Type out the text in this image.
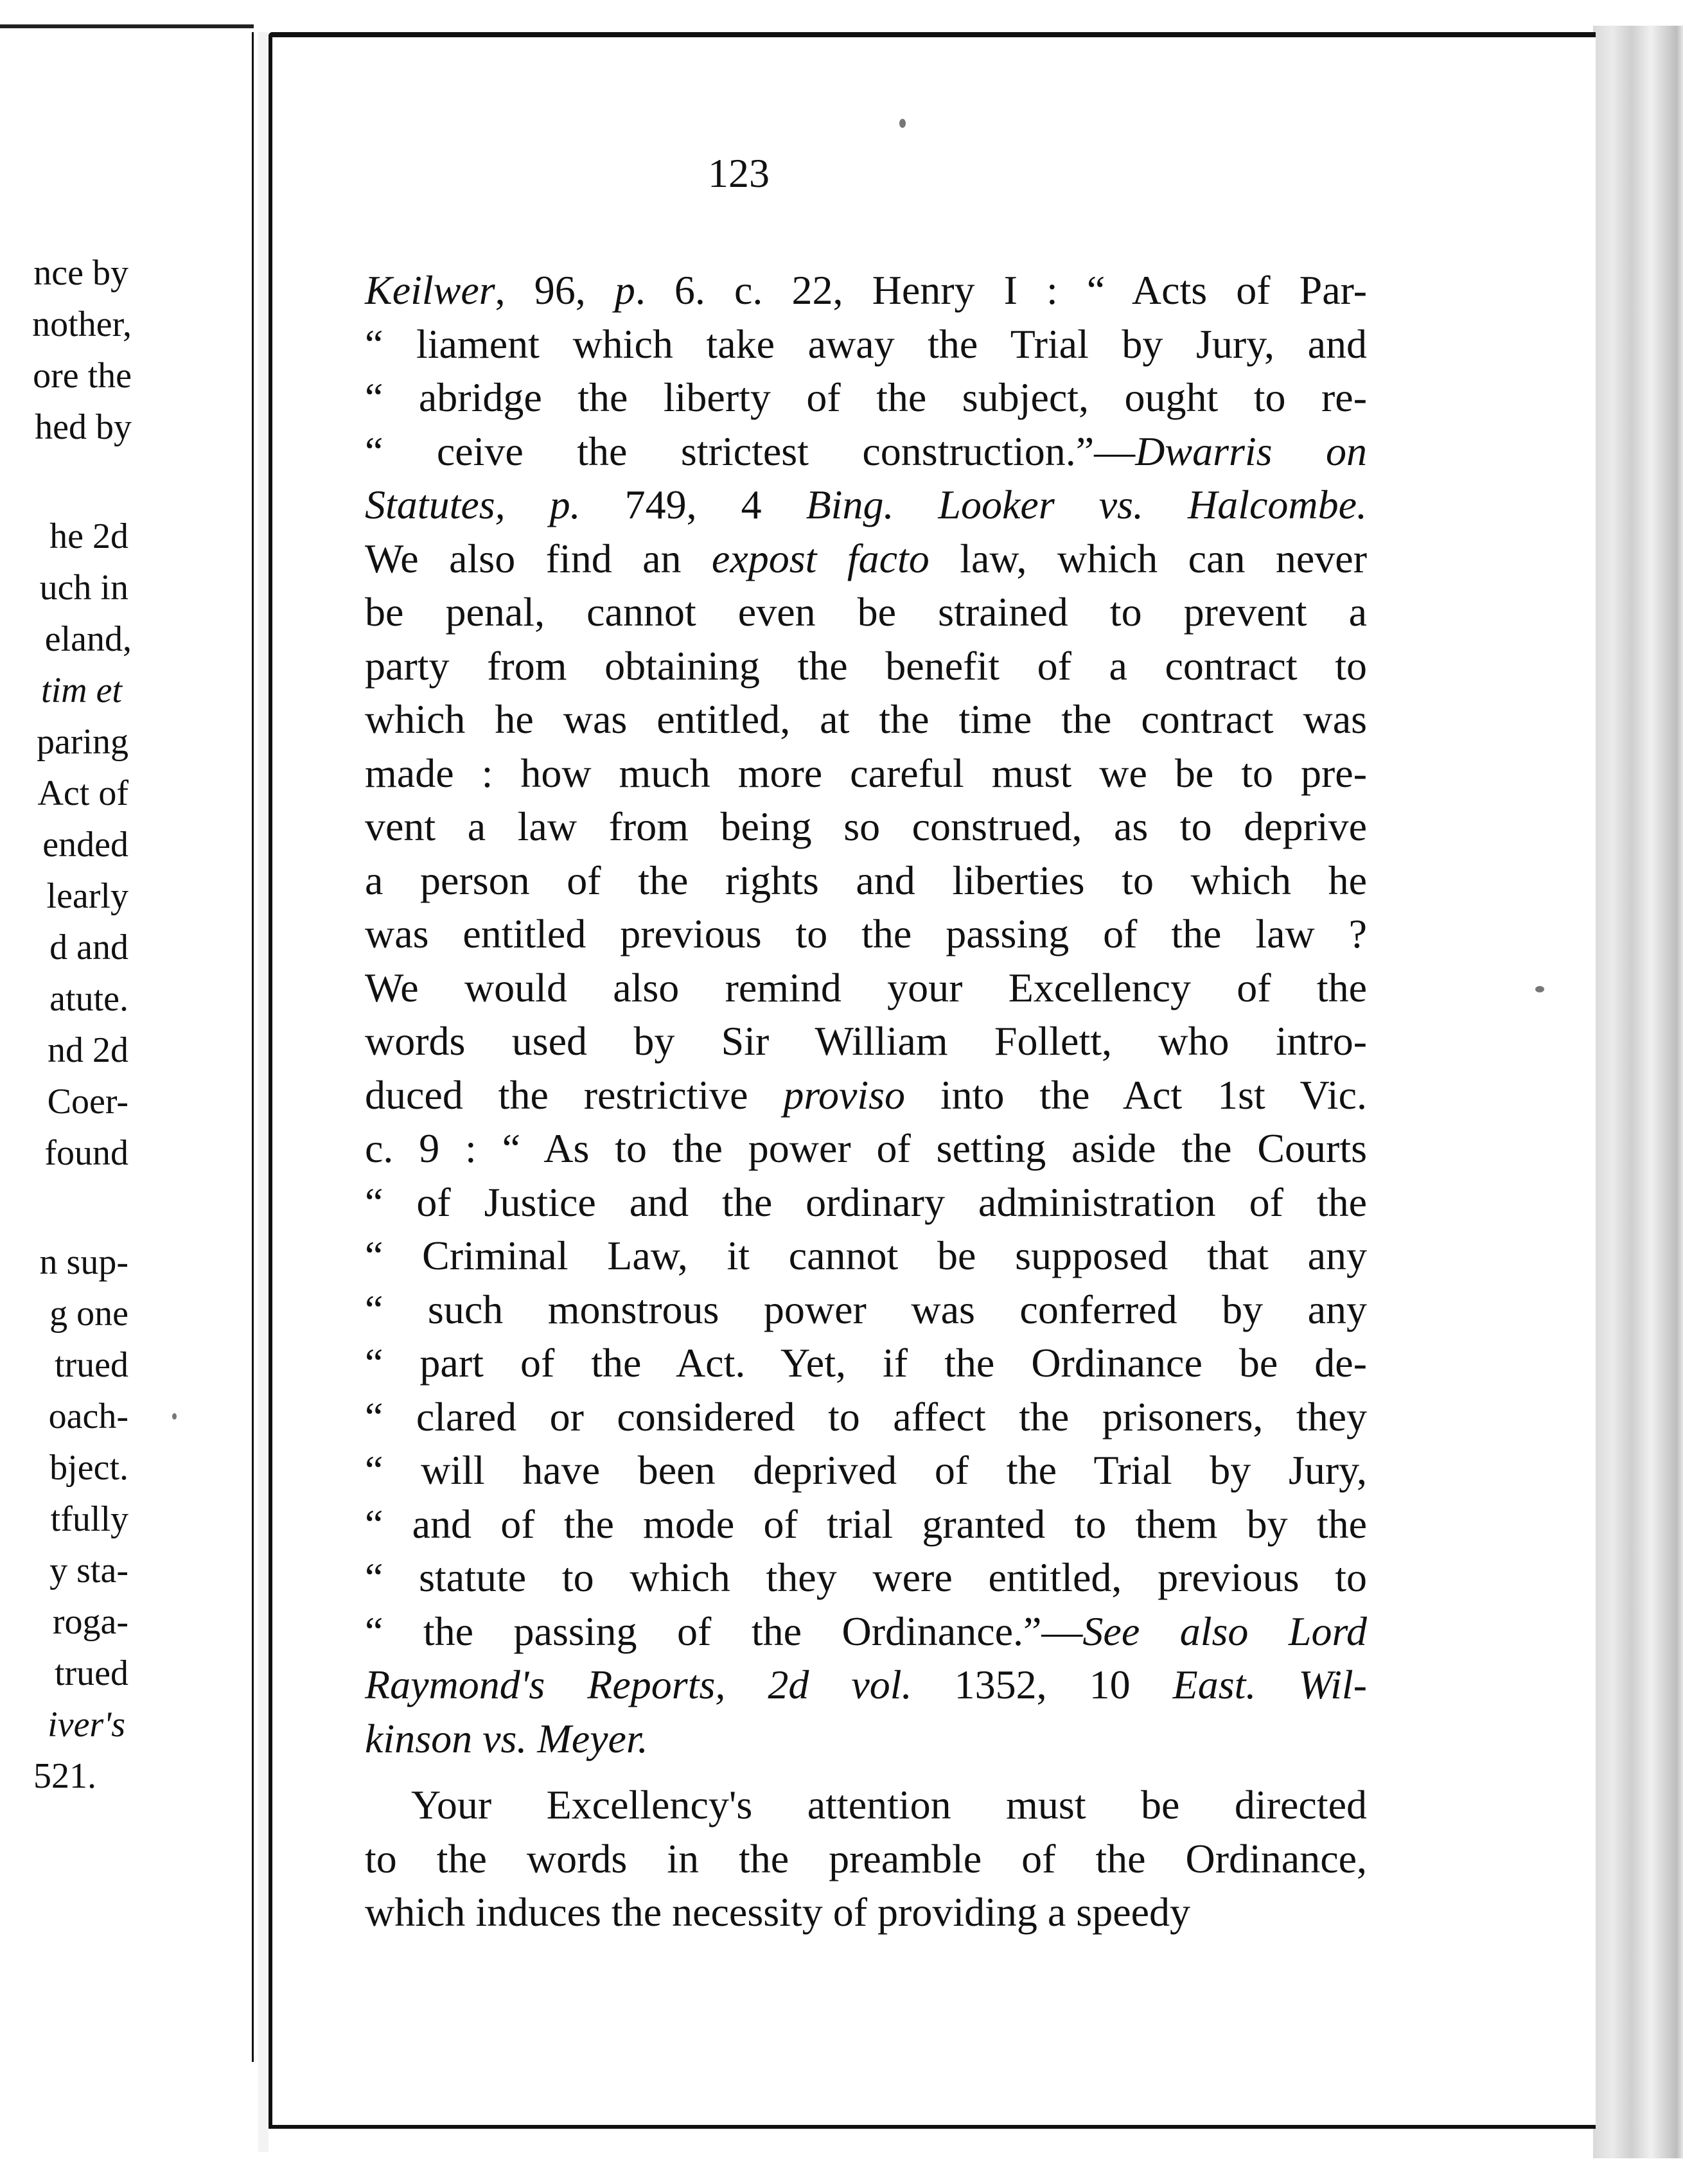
nce by
nother,
ore the
hed by
he 2d
uch in
eland,
tim et
paring
Act of
ended
learly
d and
atute.
nd 2d
Coer-
found
n sup-
g one
trued
oach-
bject.
tfully
y sta-
roga-
trued
iver's
521.
123
Keilwer, 96, p. 6. c. 22, Henry I : “ Acts of Par-
“ liament which take away the Trial by Jury, and
“ abridge the liberty of the subject, ought to re-
“ ceive the strictest construction.”—Dwarris on
Statutes, p. 749, 4 Bing. Looker vs. Halcombe.
We also find an expost facto law, which can never
be penal, cannot even be strained to prevent a
party from obtaining the benefit of a contract to
which he was entitled, at the time the contract was
made : how much more careful must we be to pre-
vent a law from being so construed, as to deprive
a person of the rights and liberties to which he
was entitled previous to the passing of the law ?
We would also remind your Excellency of the
words used by Sir William Follett, who intro-
duced the restrictive proviso into the Act 1st Vic.
c. 9 : “ As to the power of setting aside the Courts
“ of Justice and the ordinary administration of the
“ Criminal Law, it cannot be supposed that any
“ such monstrous power was conferred by any
“ part of the Act. Yet, if the Ordinance be de-
“ clared or considered to affect the prisoners, they
“ will have been deprived of the Trial by Jury,
“ and of the mode of trial granted to them by the
“ statute to which they were entitled, previous to
“ the passing of the Ordinance.”—See also Lord
Raymond's Reports, 2d vol. 1352, 10 East. Wil-
kinson vs. Meyer.
Your Excellency's attention must be directed
to the words in the preamble of the Ordinance,
which induces the necessity of providing a speedy
